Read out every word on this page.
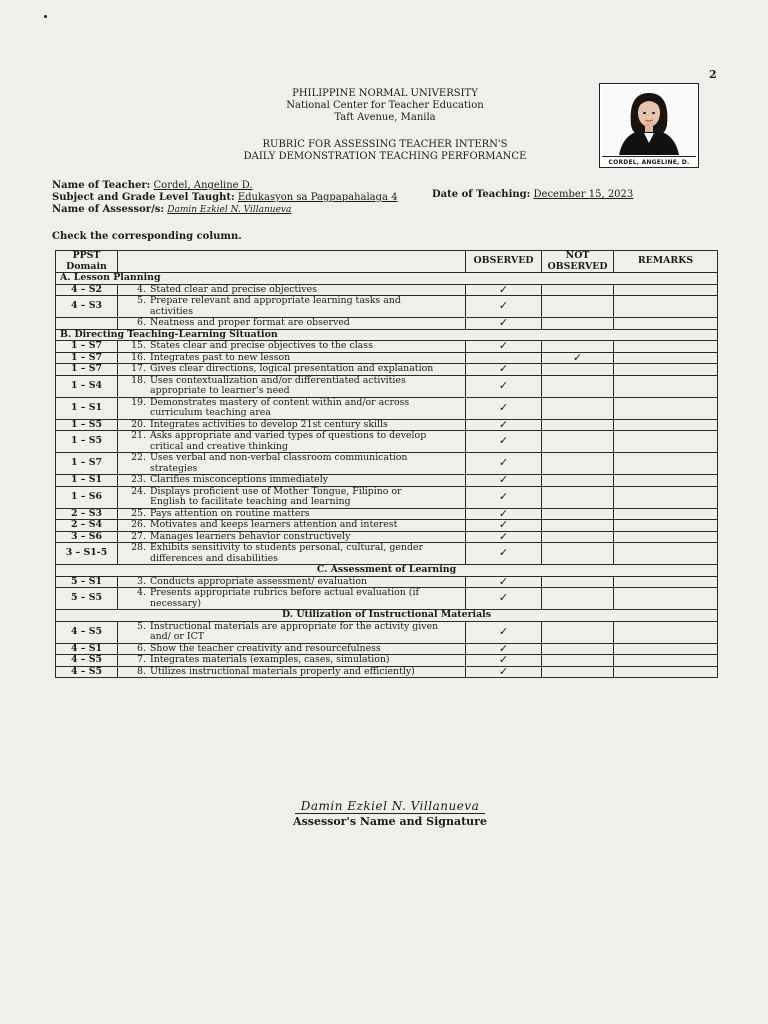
2
PHILIPPINE NORMAL UNIVERSITY
National Center for Teacher Education
Taft Avenue, Manila
RUBRIC FOR ASSESSING TEACHER INTERN'S
DAILY DEMONSTRATION TEACHING PERFORMANCE
CORDEL, ANGELINE, D.
Name of Teacher: Cordel, Angeline D.
Subject and Grade Level Taught: Edukasyon sa Pagpapahalaga 4	Date of Teaching: December 15, 2023
Name of Assessor/s: Damin Ezkiel N. Villanueva
Check the corresponding column.
PPST Domain		OBSERVED	NOT OBSERVED	REMARKS
A. Lesson Planning				
4 – S2	4. Stated clear and precise objectives	✓		
4 – S3	5. Prepare relevant and appropriate learning tasks and activities	✓		
	6. Neatness and proper format are observed	✓		
B. Directing Teaching-Learning Situation				
1 – S7	15. States clear and precise objectives to the class	✓		
1 – S7	16. Integrates past to new lesson		✓	
1 – S7	17. Gives clear directions, logical presentation and explanation	✓		
1 – S4	18. Uses contextualization and/or differentiated activities appropriate to learner's need	✓		
1 – S1	19. Demonstrates mastery of content within and/or across curriculum teaching area	✓		
1 – S5	20. Integrates activities to develop 21st century skills	✓		
1 – S5	21. Asks appropriate and varied types of questions to develop critical and creative thinking	✓		
1 – S7	22. Uses verbal and non-verbal classroom communication strategies	✓		
1 – S1	23. Clarifies misconceptions immediately	✓		
1 – S6	24. Displays proficient use of Mother Tongue, Filipino or English to facilitate teaching and learning	✓		
2 – S3	25. Pays attention on routine matters	✓		
2 – S4	26. Motivates and keeps learners attention and interest	✓		
3 – S6	27. Manages learners behavior constructively	✓		
3 – S1-5	28. Exhibits sensitivity to students personal, cultural, gender differences and disabilities	✓		
C. Assessment of Learning				
5 – S1	3. Conducts appropriate assessment/ evaluation	✓		
5 – S5	4. Presents appropriate rubrics before actual evaluation (if necessary)	✓		
D. Utilization of Instructional Materials				
4 – S5	5. Instructional materials are appropriate for the activity given and/ or ICT	✓		
4 – S1	6. Show the teacher creativity and resourcefulness	✓		
4 – S5	7. Integrates materials (examples, cases, simulation)	✓		
4 – S5	8. Utilizes instructional materials properly and efficiently)	✓		
Damin Ezkiel N. Villanueva
Assessor's Name and Signature
